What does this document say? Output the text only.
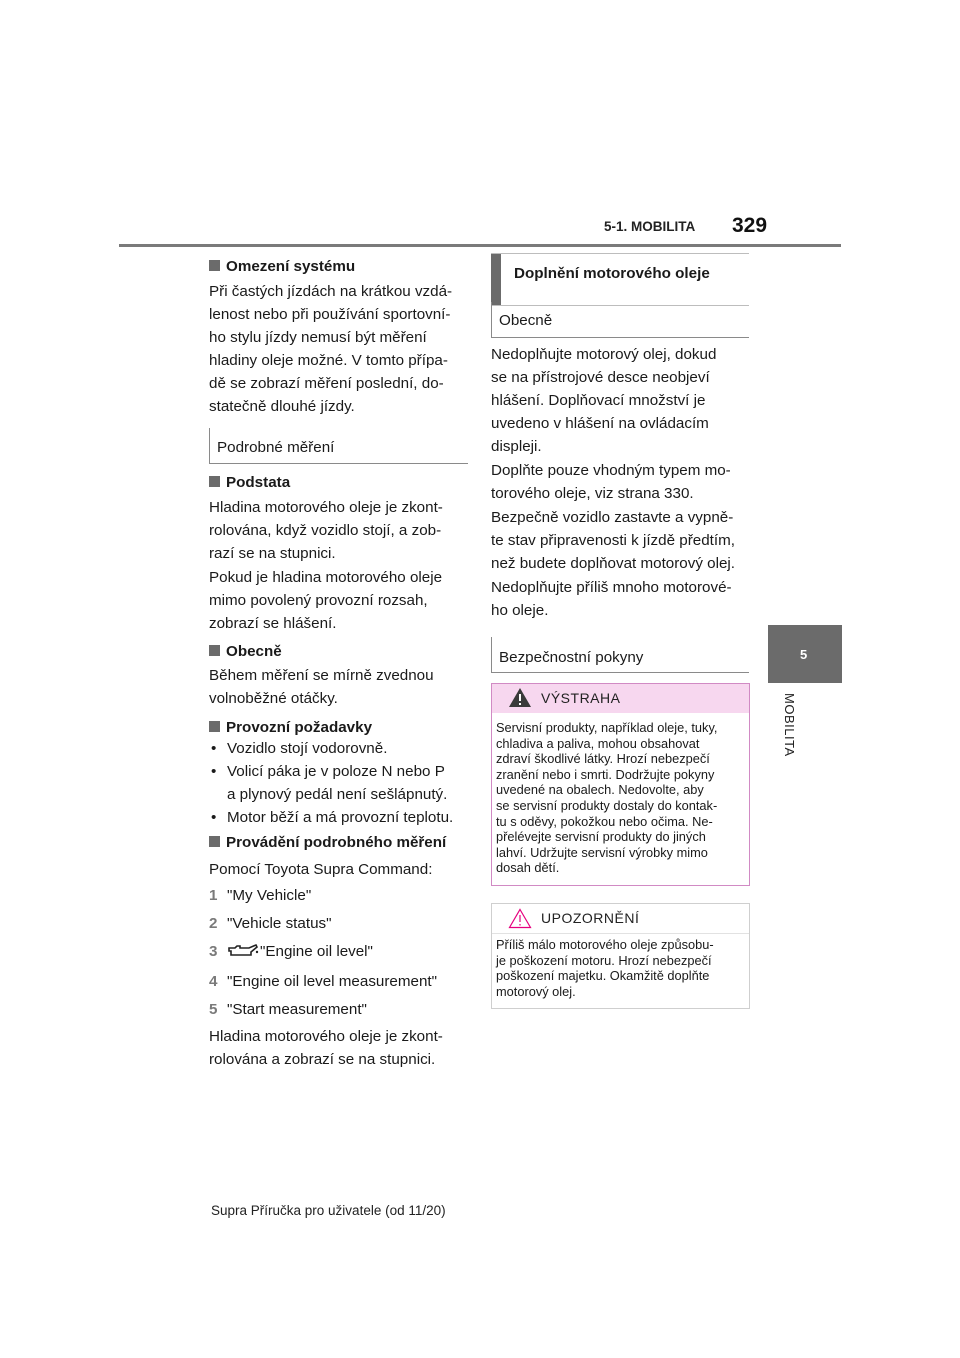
5-1. MOBILITA 329
5
MOBILITA
Omezení systému

Při častých jízdách na krátkou vzdá-

lenost nebo při používání sportovní-

ho stylu jízdy nemusí být měření

hladiny oleje možné. V tomto přípa-

dě se zobrazí měření poslední, do-

statečně dlouhé jízdy.

Podrobné měření
Podstata

Hladina motorového oleje je zkont-

rolována, když vozidlo stojí, a zob-

razí se na stupnici.

Pokud je hladina motorového oleje

mimo povolený provozní rozsah,

zobrazí se hlášení.

Obecně

Během měření se mírně zvednou

volnoběžné otáčky.

Provozní požadavky

• Vozidlo stojí vodorovně.

• Volicí páka je v poloze N nebo P

a plynový pedál není sešlápnutý.

• Motor běží a má provozní teplotu.

Provádění podrobného měření

Pomocí Toyota Supra Command:

1 "My Vehicle"
2 "Vehicle status"
3	"Engine oil level"
4 "Engine oil level measurement"
5 "Start measurement"

Hladina motorového oleje je zkont-

rolována a zobrazí se na stupnici.

Doplnění motorového oleje
Obecně

Nedoplňujte motorový olej, dokud

se na přístrojové desce neobjeví

hlášení. Doplňovací množství je

uvedeno v hlášení na ovládacím

displeji.

Doplňte pouze vhodným typem mo-

torového oleje, viz strana 330.

Bezpečně vozidlo zastavte a vypně-

te stav připravenosti k jízdě předtím,

než budete doplňovat motorový olej.

Nedoplňujte příliš mnoho motorové-

ho oleje.

Bezpečnostní pokyny
VÝSTRAHA

Servisní produkty, například oleje, tuky,

chladiva a paliva, mohou obsahovat

zdraví škodlivé látky. Hrozí nebezpečí

zranění nebo i smrti. Dodržujte pokyny

uvedené na obalech. Nedovolte, aby

se servisní produkty dostaly do kontak-

tu s oděvy, pokožkou nebo očima. Ne-

přelévejte servisní produkty do jiných

lahví. Udržujte servisní výrobky mimo

dosah dětí.

UPOZORNĚNÍ

Příliš málo motorového oleje způsobu-

je poškození motoru. Hrozí nebezpečí

poškození majetku. Okamžitě doplňte

motorový olej.

Supra Příručka pro uživatele (od 11/20)
